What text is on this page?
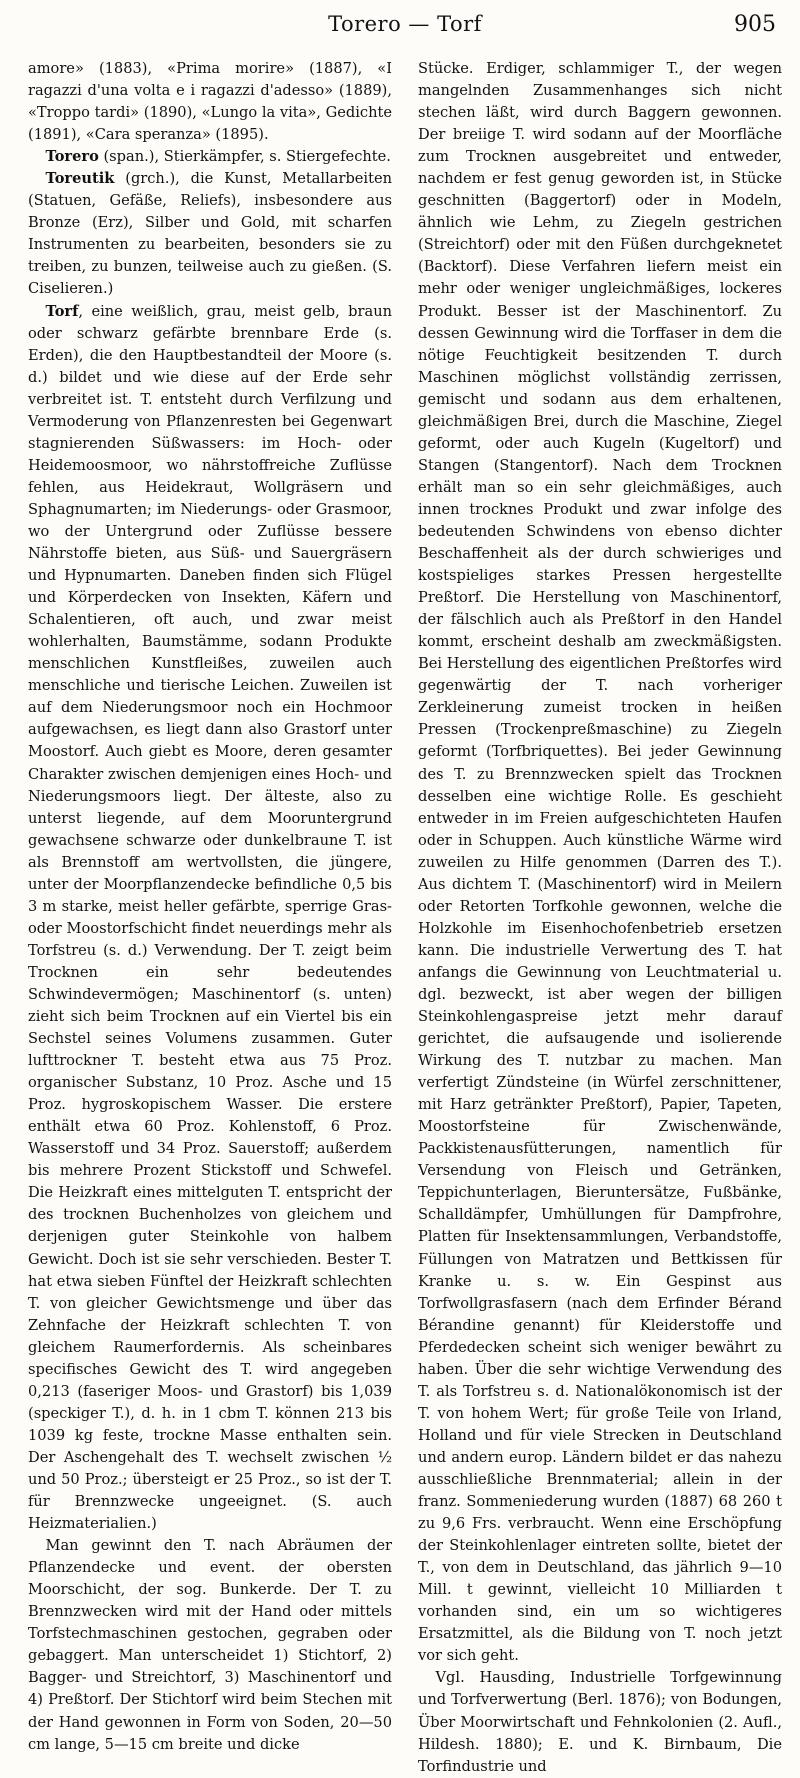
Torero — Torf	905

amore» (1883), «Prima morire» (1887), «I ragazzi d'una volta e i ragazzi d'adesso» (1889), «Troppo tardi» (1890), «Lungo la vita», Gedichte (1891), «Cara speranza» (1895).

Torero (span.), Stierkämpfer, s. Stiergefechte.

Toreutik (grch.), die Kunst, Metallarbeiten (Statuen, Gefäße, Reliefs), insbesondere aus Bronze (Erz), Silber und Gold, mit scharfen Instrumenten zu bearbeiten, besonders sie zu treiben, zu bunzen, teilweise auch zu gießen. (S. Ciselieren.)

Torf, eine weißlich, grau, meist gelb, braun oder schwarz gefärbte brennbare Erde (s. Erden), die den Hauptbestandteil der Moore (s. d.) bildet und wie diese auf der Erde sehr verbreitet ist. T. entsteht durch Verfilzung und Vermoderung von Pflanzenresten bei Gegenwart stagnierenden Süßwassers: im Hoch- oder Heidemoosmoor, wo nährstoffreiche Zuflüsse fehlen, aus Heidekraut, Wollgräsern und Sphagnumarten; im Niederungs- oder Grasmoor, wo der Untergrund oder Zuflüsse bessere Nährstoffe bieten, aus Süß- und Sauergräsern und Hypnumarten. Daneben finden sich Flügel und Körperdecken von Insekten, Käfern und Schalentieren, oft auch, und zwar meist wohlerhalten, Baumstämme, sodann Produkte menschlichen Kunstfleißes, zuweilen auch menschliche und tierische Leichen. Zuweilen ist auf dem Niederungsmoor noch ein Hochmoor aufgewachsen, es liegt dann also Grastorf unter Moostorf. Auch giebt es Moore, deren gesamter Charakter zwischen demjenigen eines Hoch- und Niederungsmoors liegt. Der älteste, also zu unterst liegende, auf dem Mooruntergrund gewachsene schwarze oder dunkelbraune T. ist als Brennstoff am wertvollsten, die jüngere, unter der Moorpflanzendecke befindliche 0,5 bis 3 m starke, meist heller gefärbte, sperrige Gras- oder Moostorfschicht findet neuerdings mehr als Torfstreu (s. d.) Verwendung. Der T. zeigt beim Trocknen ein sehr bedeutendes Schwindevermögen; Maschinentorf (s. unten) zieht sich beim Trocknen auf ein Viertel bis ein Sechstel seines Volumens zusammen. Guter lufttrockner T. besteht etwa aus 75 Proz. organischer Substanz, 10 Proz. Asche und 15 Proz. hygroskopischem Wasser. Die erstere enthält etwa 60 Proz. Kohlenstoff, 6 Proz. Wasserstoff und 34 Proz. Sauerstoff; außerdem bis mehrere Prozent Stickstoff und Schwefel. Die Heizkraft eines mittelguten T. entspricht der des trocknen Buchenholzes von gleichem und derjenigen guter Steinkohle von halbem Gewicht. Doch ist sie sehr verschieden. Bester T. hat etwa sieben Fünftel der Heizkraft schlechten T. von gleicher Gewichtsmenge und über das Zehnfache der Heizkraft schlechten T. von gleichem Raumerfordernis. Als scheinbares specifisches Gewicht des T. wird angegeben 0,213 (faseriger Moos- und Grastorf) bis 1,039 (speckiger T.), d. h. in 1 cbm T. können 213 bis 1039 kg feste, trockne Masse enthalten sein. Der Aschengehalt des T. wechselt zwischen ½ und 50 Proz.; übersteigt er 25 Proz., so ist der T. für Brennzwecke ungeeignet. (S. auch Heizmaterialien.)

Man gewinnt den T. nach Abräumen der Pflanzendecke und event. der obersten Moorschicht, der sog. Bunkerde. Der T. zu Brennzwecken wird mit der Hand oder mittels Torfstechmaschinen gestochen, gegraben oder gebaggert. Man unterscheidet 1) Stichtorf, 2) Bagger- und Streichtorf, 3) Maschinentorf und 4) Preßtorf. Der Stichtorf wird beim Stechen mit der Hand gewonnen in Form von Soden, 20—50 cm lange, 5—15 cm breite und dicke

Stücke. Erdiger, schlammiger T., der wegen mangelnden Zusammenhanges sich nicht stechen läßt, wird durch Baggern gewonnen. Der breiige T. wird sodann auf der Moorfläche zum Trocknen ausgebreitet und entweder, nachdem er fest genug geworden ist, in Stücke geschnitten (Baggertorf) oder in Modeln, ähnlich wie Lehm, zu Ziegeln gestrichen (Streichtorf) oder mit den Füßen durchgeknetet (Backtorf). Diese Verfahren liefern meist ein mehr oder weniger ungleichmäßiges, lockeres Produkt. Besser ist der Maschinentorf. Zu dessen Gewinnung wird die Torffaser in dem die nötige Feuchtigkeit besitzenden T. durch Maschinen möglichst vollständig zerrissen, gemischt und sodann aus dem erhaltenen, gleichmäßigen Brei, durch die Maschine, Ziegel geformt, oder auch Kugeln (Kugeltorf) und Stangen (Stangentorf). Nach dem Trocknen erhält man so ein sehr gleichmäßiges, auch innen trocknes Produkt und zwar infolge des bedeutenden Schwindens von ebenso dichter Beschaffenheit als der durch schwieriges und kostspieliges starkes Pressen hergestellte Preßtorf. Die Herstellung von Maschinentorf, der fälschlich auch als Preßtorf in den Handel kommt, erscheint deshalb am zweckmäßigsten. Bei Herstellung des eigentlichen Preßtorfes wird gegenwärtig der T. nach vorheriger Zerkleinerung zumeist trocken in heißen Pressen (Trockenpreßmaschine) zu Ziegeln geformt (Torfbriquettes). Bei jeder Gewinnung des T. zu Brennzwecken spielt das Trocknen desselben eine wichtige Rolle. Es geschieht entweder in im Freien aufgeschichteten Haufen oder in Schuppen. Auch künstliche Wärme wird zuweilen zu Hilfe genommen (Darren des T.). Aus dichtem T. (Maschinentorf) wird in Meilern oder Retorten Torfkohle gewonnen, welche die Holzkohle im Eisenhochofenbetrieb ersetzen kann. Die industrielle Verwertung des T. hat anfangs die Gewinnung von Leuchtmaterial u. dgl. bezweckt, ist aber wegen der billigen Steinkohlengaspreise jetzt mehr darauf gerichtet, die aufsaugende und isolierende Wirkung des T. nutzbar zu machen. Man verfertigt Zündsteine (in Würfel zerschnittener, mit Harz getränkter Preßtorf), Papier, Tapeten, Moostorfsteine für Zwischenwände, Packkistenausfütterungen, namentlich für Versendung von Fleisch und Getränken, Teppichunterlagen, Bieruntersätze, Fußbänke, Schalldämpfer, Umhüllungen für Dampfrohre, Platten für Insektensammlungen, Verbandstoffe, Füllungen von Matratzen und Bettkissen für Kranke u. s. w. Ein Gespinst aus Torfwollgrasfasern (nach dem Erfinder Bérand Bérandine genannt) für Kleiderstoffe und Pferdedecken scheint sich weniger bewährt zu haben. Über die sehr wichtige Verwendung des T. als Torfstreu s. d. Nationalökonomisch ist der T. von hohem Wert; für große Teile von Irland, Holland und für viele Strecken in Deutschland und andern europ. Ländern bildet er das nahezu ausschließliche Brennmaterial; allein in der franz. Sommeniederung wurden (1887) 68 260 t zu 9,6 Frs. verbraucht. Wenn eine Erschöpfung der Steinkohlenlager eintreten sollte, bietet der T., von dem in Deutschland, das jährlich 9—10 Mill. t gewinnt, vielleicht 10 Milliarden t vorhanden sind, ein um so wichtigeres Ersatzmittel, als die Bildung von T. noch jetzt vor sich geht.

Vgl. Hausding, Industrielle Torfgewinnung und Torfverwertung (Berl. 1876); von Bodungen, Über Moorwirtschaft und Fehnkolonien (2. Aufl., Hildesh. 1880); E. und K. Birnbaum, Die Torfindustrie und
